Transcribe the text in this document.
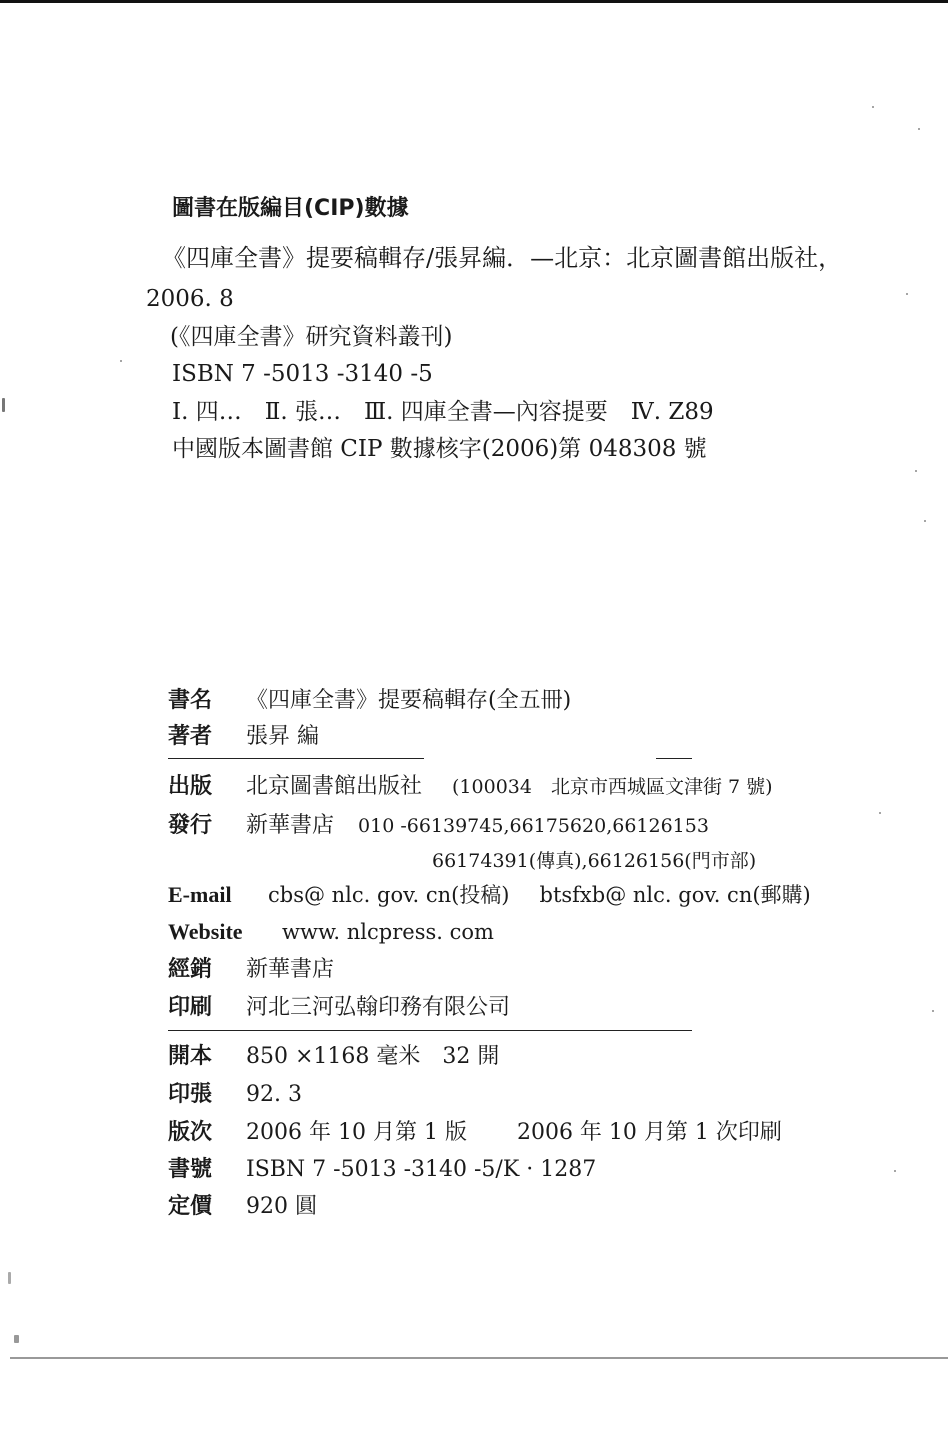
圖書在版編目(CIP)數據
《四庫全書》提要稿輯存/張昇編．—北京：北京圖書館出版社，
2006. 8
(《四庫全書》研究資料叢刊)
ISBN 7 -5013 -3140 -5
Ⅰ. 四…　Ⅱ. 張…　Ⅲ. 四庫全書—內容提要　Ⅳ. Z89
中國版本圖書館 CIP 數據核字(2006)第 048308 號
書名	《四庫全書》提要稿輯存(全五冊)
著者	張昇 編
出版	北京圖書館出版社 (100034　北京市西城區文津街 7 號)
發行	新華書店 010 -66139745,66175620,66126153
66174391(傳真),66126156(門市部)
E-mail	cbs@ nlc. gov. cn(投稿) btsfxb@ nlc. gov. cn(郵購)
Website	www. nlcpress. com
經銷	新華書店
印刷	河北三河弘翰印務有限公司
開本	850 ×1168 毫米　32 開
印張	92. 3
版次	2006 年 10 月第 1 版 2006 年 10 月第 1 次印刷
書號	ISBN 7 -5013 -3140 -5/K · 1287
定價	920 圓
